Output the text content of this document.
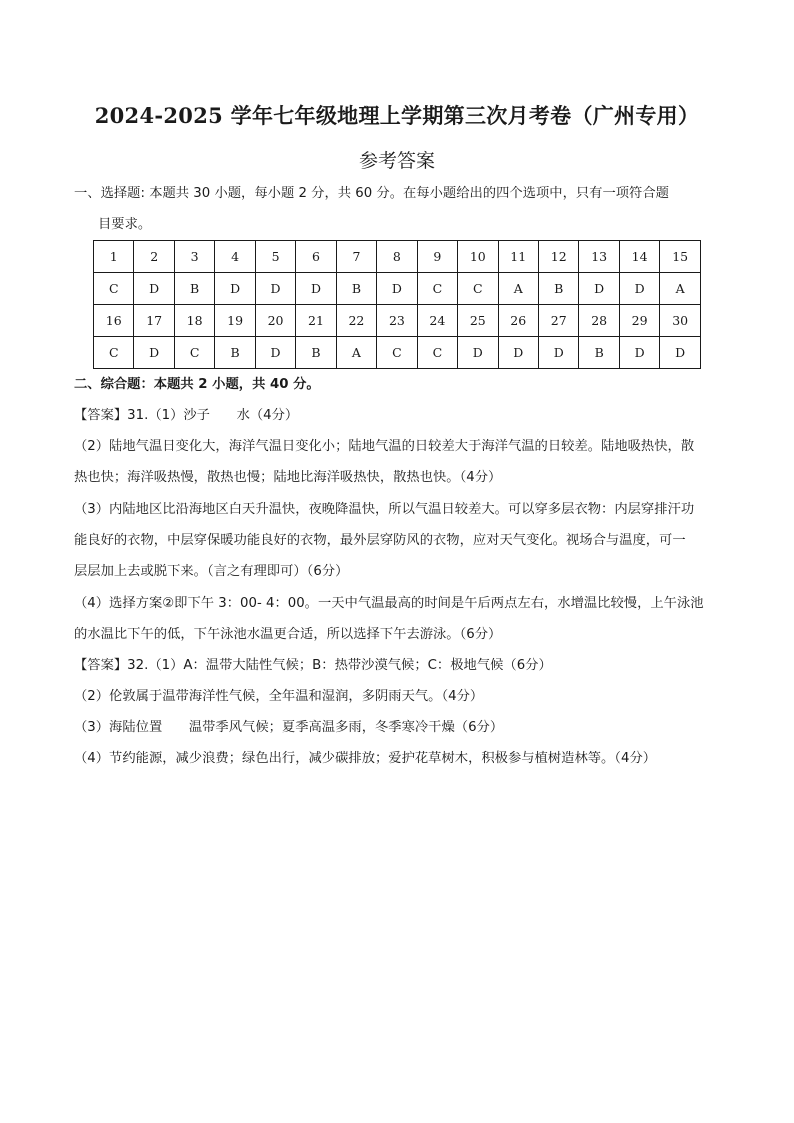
2024-2025 学年七年级地理上学期第三次月考卷（广州专用）
参考答案
一、选择题: 本题共 30 小题，每小题 2 分，共 60 分。在每小题给出的四个选项中，只有一项符合题
目要求。
1	2	3	4	5	6	7	8	9	10	11	12	13	14	15
C	D	B	D	D	D	B	D	C	C	A	B	D	D	A
16	17	18	19	20	21	22	23	24	25	26	27	28	29	30
C	D	C	B	D	B	A	C	C	D	D	D	B	D	D
二、综合题：本题共 2 小题，共 40 分。
【答案】31.（1）沙子　　水（4分）
（2）陆地气温日变化大，海洋气温日变化小；陆地气温的日较差大于海洋气温的日较差。陆地吸热快，散
热也快；海洋吸热慢，散热也慢；陆地比海洋吸热快，散热也快。（4分）
（3）内陆地区比沿海地区白天升温快，夜晚降温快，所以气温日较差大。可以穿多层衣物：内层穿排汗功
能良好的衣物，中层穿保暖功能良好的衣物，最外层穿防风的衣物，应对天气变化。视场合与温度，可一
层层加上去或脱下来。（言之有理即可）（6分）
（4）选择方案②即下午 3：00- 4：00。一天中气温最高的时间是午后两点左右，水增温比较慢，上午泳池
的水温比下午的低，下午泳池水温更合适，所以选择下午去游泳。（6分）
【答案】32.（1）A：温带大陆性气候；B：热带沙漠气候；C：极地气候（6分）
（2）伦敦属于温带海洋性气候，全年温和湿润，多阴雨天气。（4分）
（3）海陆位置　　温带季风气候；夏季高温多雨，冬季寒冷干燥（6分）
（4）节约能源，减少浪费；绿色出行，减少碳排放；爱护花草树木，积极参与植树造林等。（4分）
